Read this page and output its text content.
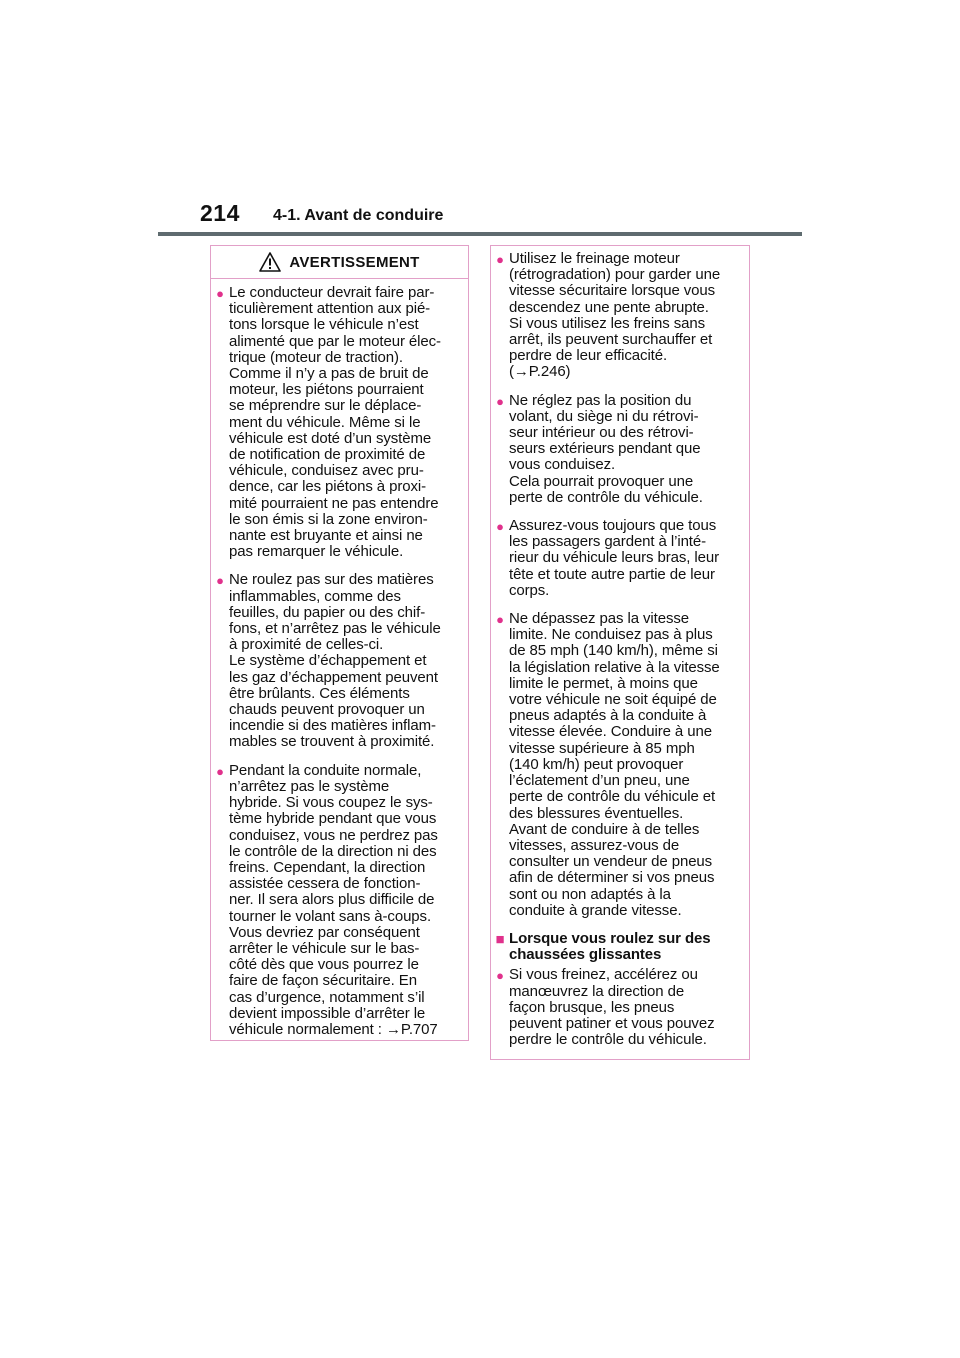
214 4-1. Avant de conduire
AVERTISSEMENT
● Le conducteur devrait faire par-
ticulièrement attention aux pié-
tons lorsque le véhicule n’est
alimenté que par le moteur élec-
trique (moteur de traction).
Comme il n’y a pas de bruit de
moteur, les piétons pourraient
se méprendre sur le déplace-
ment du véhicule. Même si le
véhicule est doté d’un système
de notification de proximité de
véhicule, conduisez avec pru-
dence, car les piétons à proxi-
mité pourraient ne pas entendre
le son émis si la zone environ-
nante est bruyante et ainsi ne
pas remarquer le véhicule.
● Ne roulez pas sur des matières
inflammables, comme des
feuilles, du papier ou des chif-
fons, et n’arrêtez pas le véhicule
à proximité de celles-ci.
Le système d’échappement et
les gaz d’échappement peuvent
être brûlants. Ces éléments
chauds peuvent provoquer un
incendie si des matières inflam-
mables se trouvent à proximité.
● Pendant la conduite normale,
n’arrêtez pas le système
hybride. Si vous coupez le sys-
tème hybride pendant que vous
conduisez, vous ne perdrez pas
le contrôle de la direction ni des
freins. Cependant, la direction
assistée cessera de fonction-
ner. Il sera alors plus difficile de
tourner le volant sans à-coups.
Vous devriez par conséquent
arrêter le véhicule sur le bas-
côté dès que vous pourrez le
faire de façon sécuritaire. En
cas d’urgence, notamment s’il
devient impossible d’arrêter le
véhicule normalement : →P.707
● Utilisez le freinage moteur
(rétrogradation) pour garder une
vitesse sécuritaire lorsque vous
descendez une pente abrupte.
Si vous utilisez les freins sans
arrêt, ils peuvent surchauffer et
perdre de leur efficacité.
(→P.246)
● Ne réglez pas la position du
volant, du siège ni du rétrovi-
seur intérieur ou des rétrovi-
seurs extérieurs pendant que
vous conduisez.
Cela pourrait provoquer une
perte de contrôle du véhicule.
● Assurez-vous toujours que tous
les passagers gardent à l’inté-
rieur du véhicule leurs bras, leur
tête et toute autre partie de leur
corps.
● Ne dépassez pas la vitesse
limite. Ne conduisez pas à plus
de 85 mph (140 km/h), même si
la législation relative à la vitesse
limite le permet, à moins que
votre véhicule ne soit équipé de
pneus adaptés à la conduite à
vitesse élevée. Conduire à une
vitesse supérieure à 85 mph
(140 km/h) peut provoquer
l’éclatement d’un pneu, une
perte de contrôle du véhicule et
des blessures éventuelles.
Avant de conduire à de telles
vitesses, assurez-vous de
consulter un vendeur de pneus
afin de déterminer si vos pneus
sont ou non adaptés à la
conduite à grande vitesse.
■ Lorsque vous roulez sur des
chaussées glissantes
● Si vous freinez, accélérez ou
manœuvrez la direction de
façon brusque, les pneus
peuvent patiner et vous pouvez
perdre le contrôle du véhicule.
